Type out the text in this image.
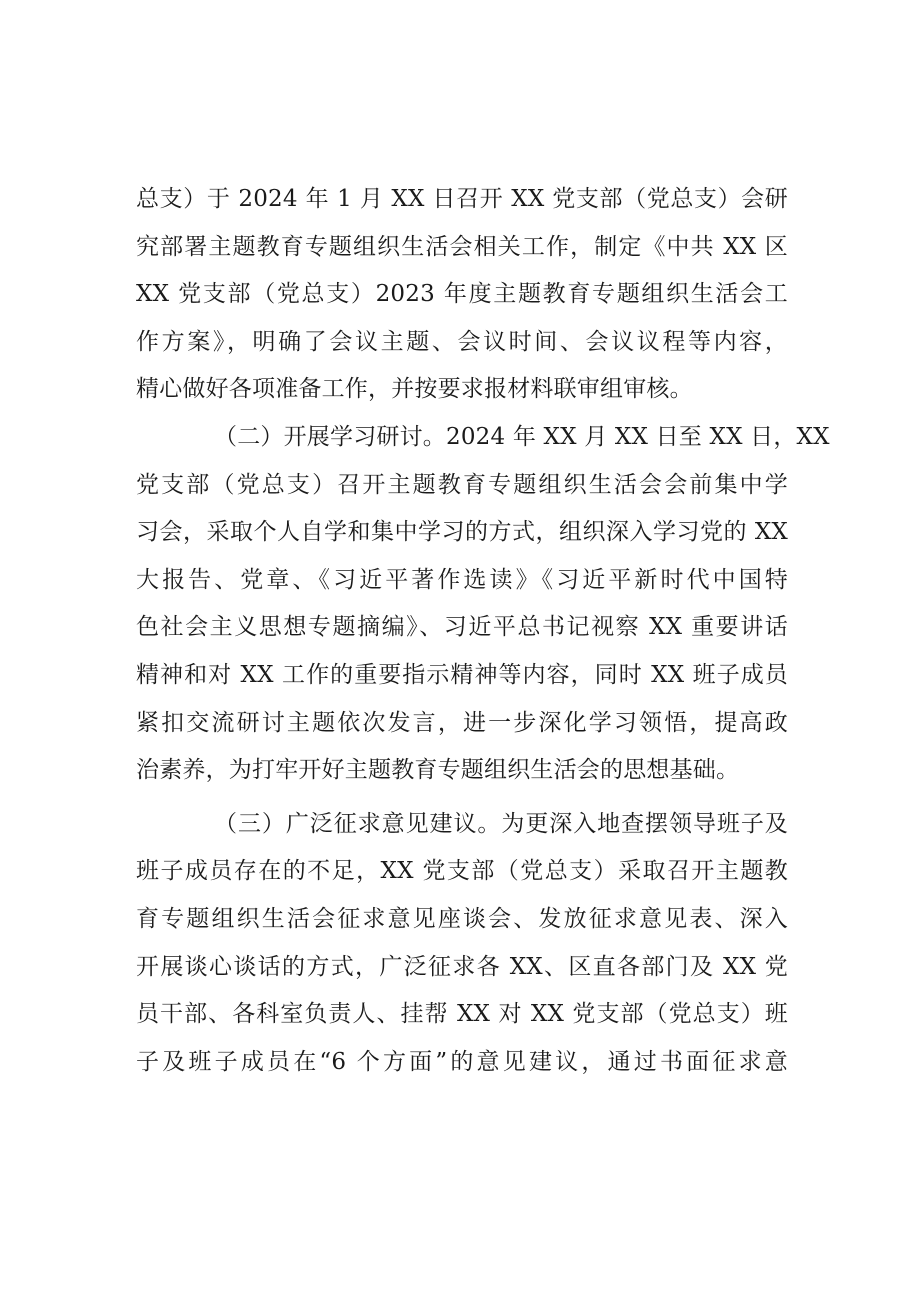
总支）于 2024 年 1 月 XX 日召开 XX 党支部（党总支）会研
究部署主题教育专题组织生活会相关工作，制定《中共 XX 区
XX 党支部（党总支）2023 年度主题教育专题组织生活会工
作方案》，明确了会议主题、会议时间、会议议程等内容，
精心做好各项准备工作，并按要求报材料联审组审核。
（二）开展学习研讨。2024 年 XX 月 XX 日至 XX 日，XX
党支部（党总支）召开主题教育专题组织生活会会前集中学
习会，采取个人自学和集中学习的方式，组织深入学习党的 XX
大报告、党章、《习近平著作选读》《习近平新时代中国特
色社会主义思想专题摘编》、习近平总书记视察 XX 重要讲话
精神和对 XX 工作的重要指示精神等内容，同时 XX 班子成员
紧扣交流研讨主题依次发言，进一步深化学习领悟，提高政
治素养，为打牢开好主题教育专题组织生活会的思想基础。
（三）广泛征求意见建议。为更深入地查摆领导班子及
班子成员存在的不足，XX 党支部（党总支）采取召开主题教
育专题组织生活会征求意见座谈会、发放征求意见表、深入
开展谈心谈话的方式，广泛征求各 XX、区直各部门及 XX 党
员干部、各科室负责人、挂帮 XX 对 XX 党支部（党总支）班
子及班子成员在“6 个方面”的意见建议，通过书面征求意
